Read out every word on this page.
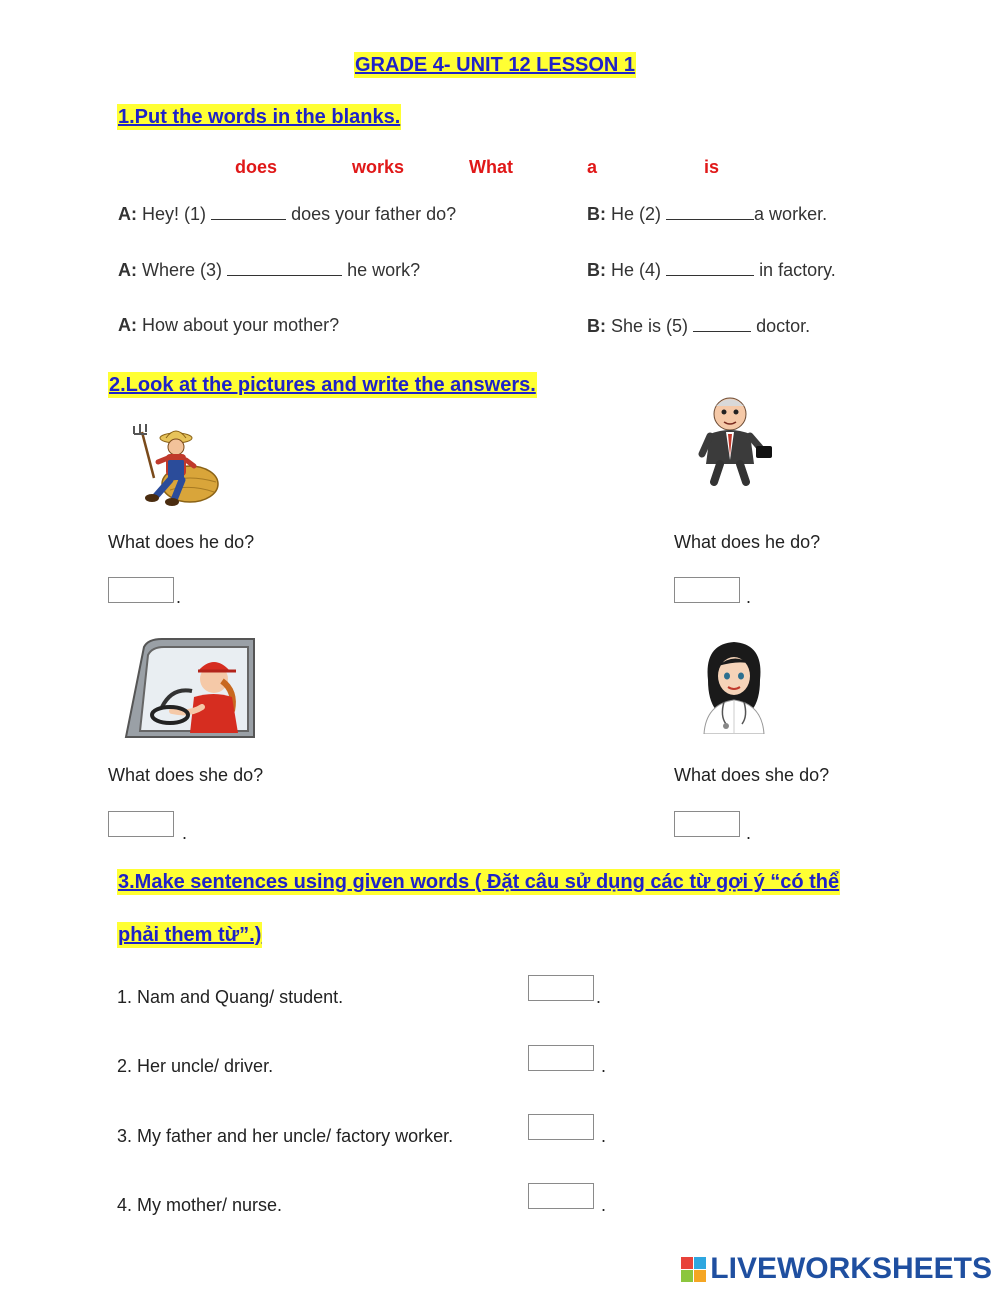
GRADE 4- UNIT 12 LESSON 1
1.Put the words in the blanks.
does	works	What	a	is
A: Hey! (1)	does your father do?	B: He (2)	a worker.
A: Where (3)	he work?	B: He (4)	in factory.
A: How about your mother?	B: She is (5)	doctor.
2.Look at the pictures and write the answers.
What does he do?	What does he do?
.	.
What does she do?	What does she do?
.	.
3.Make sentences using given words ( Đặt câu sử dụng các từ gợi ý “có thể
phải them từ”.)
1. Nam and Quang/ student.	.
2. Her uncle/ driver.	.
3. My father and her uncle/ factory worker.	.
4. My mother/ nurse.	.
LIVEWORKSHEETS
